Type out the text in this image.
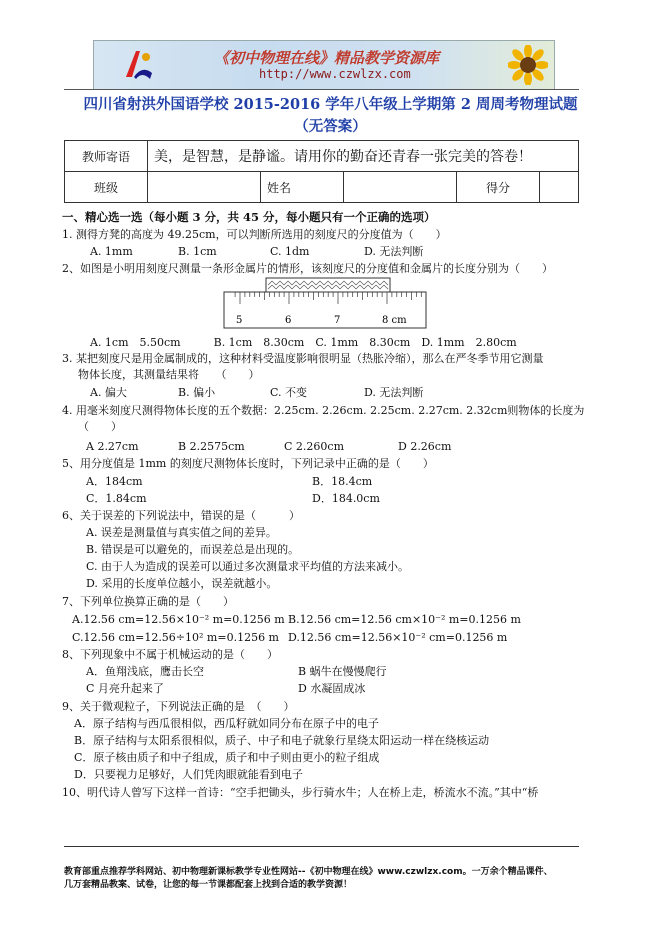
《初中物理在线》精品教学资源库
http://www.czwlzx.com
四川省射洪外国语学校 2015-2016 学年八年级上学期第 2 周周考物理试题
（无答案）
教师寄语	美，是智慧，是静谧。请用你的勤奋还青春一张完美的答卷！				
班级		姓名		得分	
一、精心选一选（每小题 3 分，共 45 分，每小题只有一个正确的选项）
1. 测得方凳的高度为 49.25cm，可以判断所选用的刻度尺的分度值为（　　）
A. 1mm	B. 1cm	C. 1dm	D. 无法判断
2、如图是小明用刻度尺测量一条形金属片的情形，该刻度尺的分度值和金属片的长度分别为（　　）
5	6	7	8 cm
A. 1cm　5.50cm　　　B. 1cm　8.30cm　C. 1mm　8.30cm　D. 1mm　2.80cm
3. 某把刻度尺是用金属制成的，这种材料受温度影响很明显（热胀冷缩），那么在严冬季节用它测量
物体长度，其测量结果将　　（　　）
A. 偏大	B. 偏小	C. 不变	D. 无法判断
4. 用毫米刻度尺测得物体长度的五个数据：2.25cm. 2.26cm. 2.25cm. 2.27cm. 2.32cm则物体的长度为
（　　）
A 2.27cm	B 2.2575cm	C 2.260cm	D 2.26cm
5、用分度值是 1mm 的刻度尺测物体长度时，下列记录中正确的是（　　）
A．184cm	B．18.4cm
C．1.84cm	D．184.0cm
6、关于误差的下列说法中，错误的是（　　　）
A. 误差是测量值与真实值之间的差异。
B. 错误是可以避免的，而误差总是出现的。
C. 由于人为造成的误差可以通过多次测量求平均值的方法来减小。
D. 采用的长度单位越小，误差就越小。
7、下列单位换算正确的是（　　）
A.12.56 cm=12.56×10⁻² m=0.1256 m B.12.56 cm=12.56 cm×10⁻² m=0.1256 m
C.12.56 cm=12.56÷10² m=0.1256 m D.12.56 cm=12.56×10⁻² cm=0.1256 m
8、下列现象中不属于机械运动的是（　　）
A．鱼翔浅底，鹰击长空	B 蜗牛在慢慢爬行
C 月亮升起来了	D 水凝固成冰
9、关于微观粒子，下列说法正确的是　（　　）
A．原子结构与西瓜很相似，西瓜籽就如同分布在原子中的电子
B．原子结构与太阳系很相似，质子、中子和电子就象行星绕太阳运动一样在绕核运动
C．原子核由质子和中子组成，质子和中子则由更小的粒子组成
D．只要视力足够好，人们凭肉眼就能看到电子
10、明代诗人曾写下这样一首诗：“空手把锄头，步行骑水牛；人在桥上走，桥流水不流。”其中“桥
教育部重点推荐学科网站、初中物理新课标教学专业性网站--《初中物理在线》www.czwlzx.com。一万余个精品课件、
几万套精品教案、试卷，让您的每一节课都配套上找到合适的教学资源！
